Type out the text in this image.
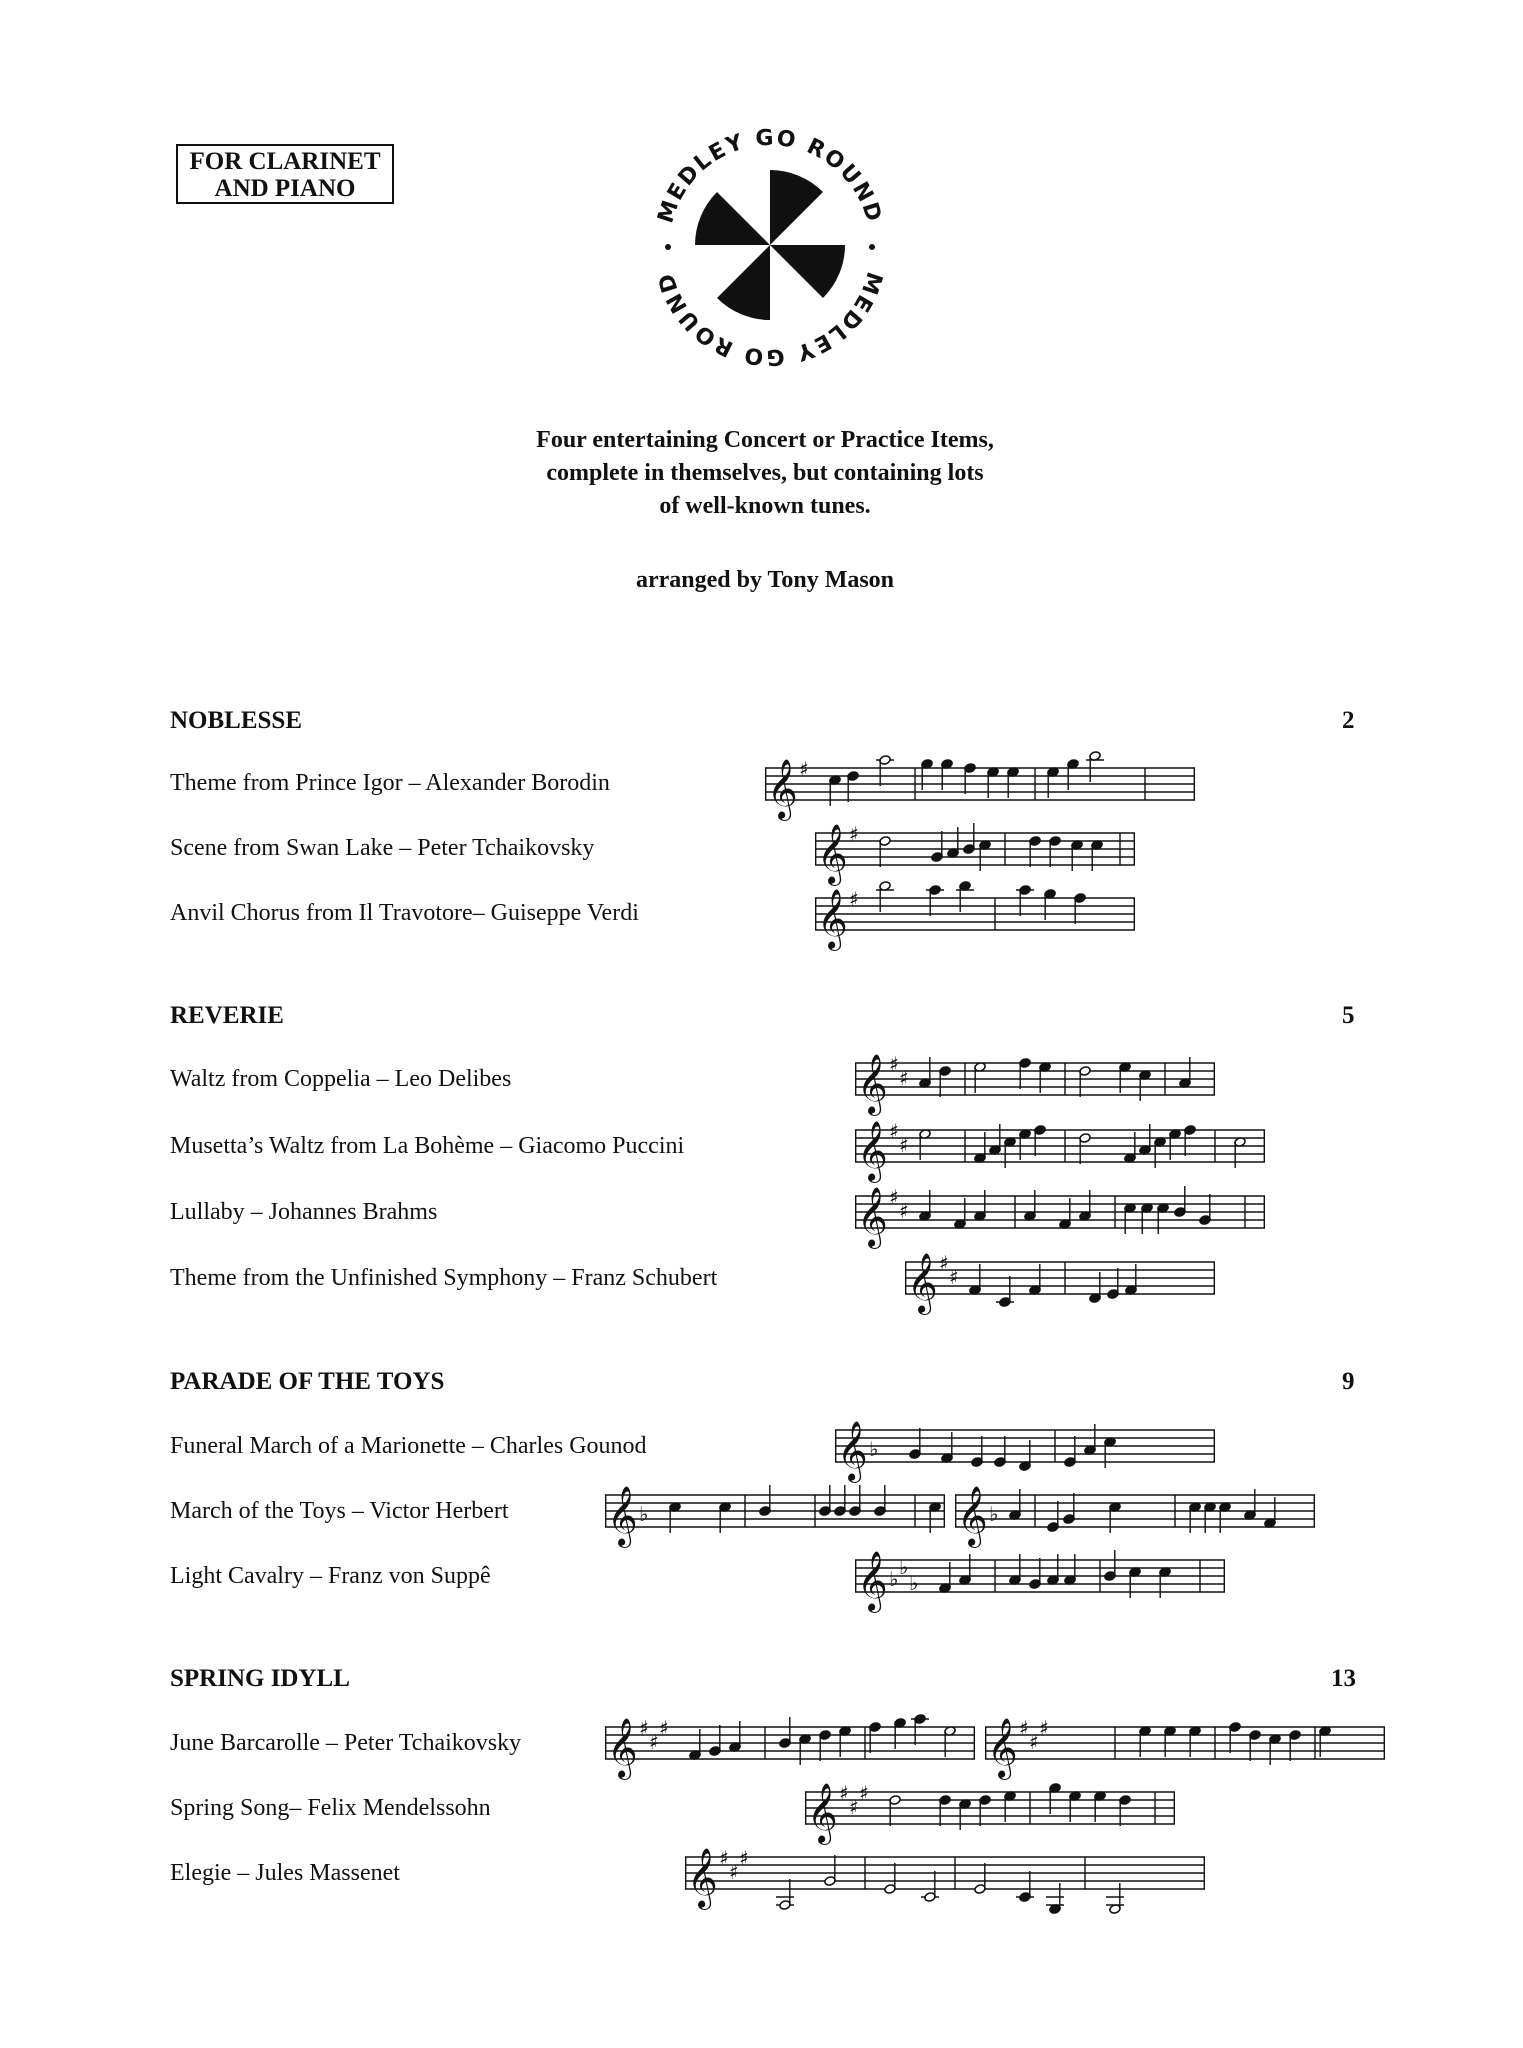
FOR CLARINET
AND PIANO
MEDLEY GO ROUND
MEDLEY GO ROUND
Four entertaining Concert or Practice Items,
complete in themselves, but containing lots
of well-known tunes.
arranged by Tony Mason
NOBLESSE	2
Theme from Prince Igor – Alexander Borodin	𝄞 ♯
Scene from Swan Lake – Peter Tchaikovsky	𝄞 ♯
Anvil Chorus from Il Travotore– Guiseppe Verdi	𝄞 ♯
REVERIE	5
Waltz from Coppelia – Leo Delibes	𝄞 ♯
♯
Musetta’s Waltz from La Bohème – Giacomo Puccini	𝄞 ♯
♯
Lullaby – Johannes Brahms	𝄞 ♯
♯
Theme from the Unfinished Symphony – Franz Schubert	𝄞 ♯
♯
PARADE OF THE TOYS	9
Funeral March of a Marionette – Charles Gounod	𝄞 ♭
March of the Toys – Victor Herbert 𝄞 ♭	𝄞 ♭
Light Cavalry – Franz von Suppê	𝄞 ♭ ♭
♭
SPRING IDYLL	13
June Barcarolle – Peter Tchaikovsky 𝄞 ♯
♯
♯	𝄞 ♯
♯
♯
Spring Song– Felix Mendelssohn	𝄞 ♯
♯
♯
Elegie – Jules Massenet	𝄞 ♯
♯
♯
